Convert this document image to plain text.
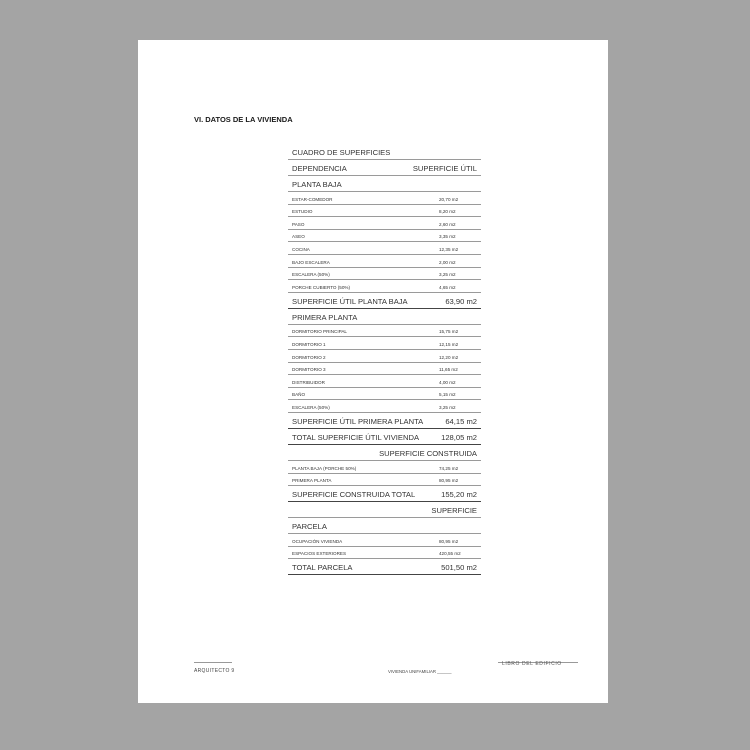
VI. DATOS DE LA VIVIENDA
CUADRO DE SUPERFICIES
DEPENDENCIA	SUPERFICIE ÚTIL
PLANTA BAJA
ESTAR-COMEDOR	20,70 m2
ESTUDIO	8,20 m2
PASO	2,60 m2
ASEO	3,35 m2
COCINA	12,35 m2
BAJO ESCALERA	2,00 m2
ESCALERA (50%)	3,25 m2
PORCHE CUBIERTO (50%)	4,65 m2
SUPERFICIE ÚTIL PLANTA BAJA	63,90 m2
PRIMERA PLANTA
DORMITORIO PRINCIPAL	15,75 m2
DORMITORIO 1	12,15 m2
DORMITORIO 2	12,20 m2
DORMITORIO 3	11,65 m2
DISTRIBUIDOR	4,00 m2
BAÑO	5,15 m2
ESCALERA (50%)	3,25 m2
SUPERFICIE ÚTIL PRIMERA PLANTA	64,15 m2
TOTAL SUPERFICIE ÚTIL VIVIENDA	128,05 m2
SUPERFICIE CONSTRUIDA
PLANTA BAJA (PORCHE 50%)	74,25 m2
PRIMERA PLANTA	80,95 m2
SUPERFICIE CONSTRUIDA TOTAL	155,20 m2
SUPERFICIE
PARCELA
OCUPACIÓN VIVIENDA	80,95 m2
ESPACIOS EXTERIORES	420,55 m2
TOTAL PARCELA	501,50 m2
ARQUITECTO 9	VIVIENDA UNIFAMILIAR ______
LIBRO DEL EDIFICIO
